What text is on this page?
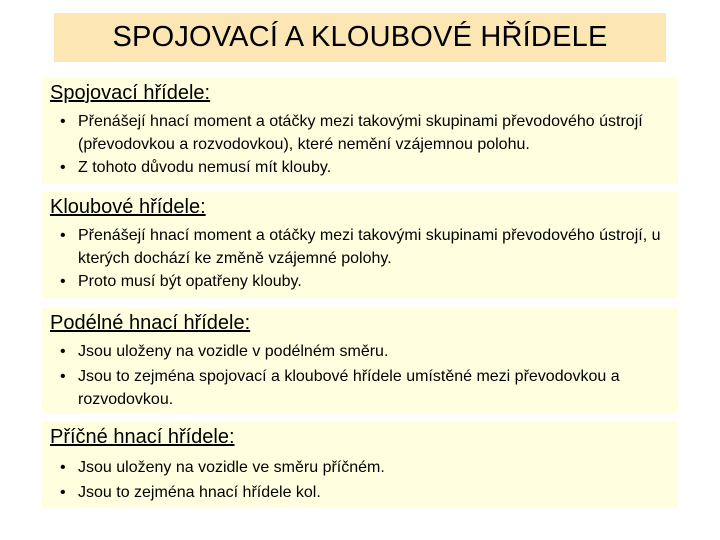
SPOJOVACÍ A KLOUBOVÉ HŘÍDELE
Spojovací hřídele:
• Přenášejí hnací moment a otáčky mezi takovými skupinami převodového ústrojí (převodovkou a rozvodovkou), které nemění vzájemnou polohu.
• Z tohoto důvodu nemusí mít klouby.
Kloubové hřídele:
• Přenášejí hnací moment a otáčky mezi takovými skupinami převodového ústrojí, u kterých dochází ke změně vzájemné polohy.
• Proto musí být opatřeny klouby.
Podélné hnací hřídele:
• Jsou uloženy na vozidle v podélném směru.
• Jsou to zejména spojovací a kloubové hřídele umístěné mezi převodovkou a rozvodovkou.
Příčné hnací hřídele:
• Jsou uloženy na vozidle ve směru příčném.
• Jsou to zejména hnací hřídele kol.
